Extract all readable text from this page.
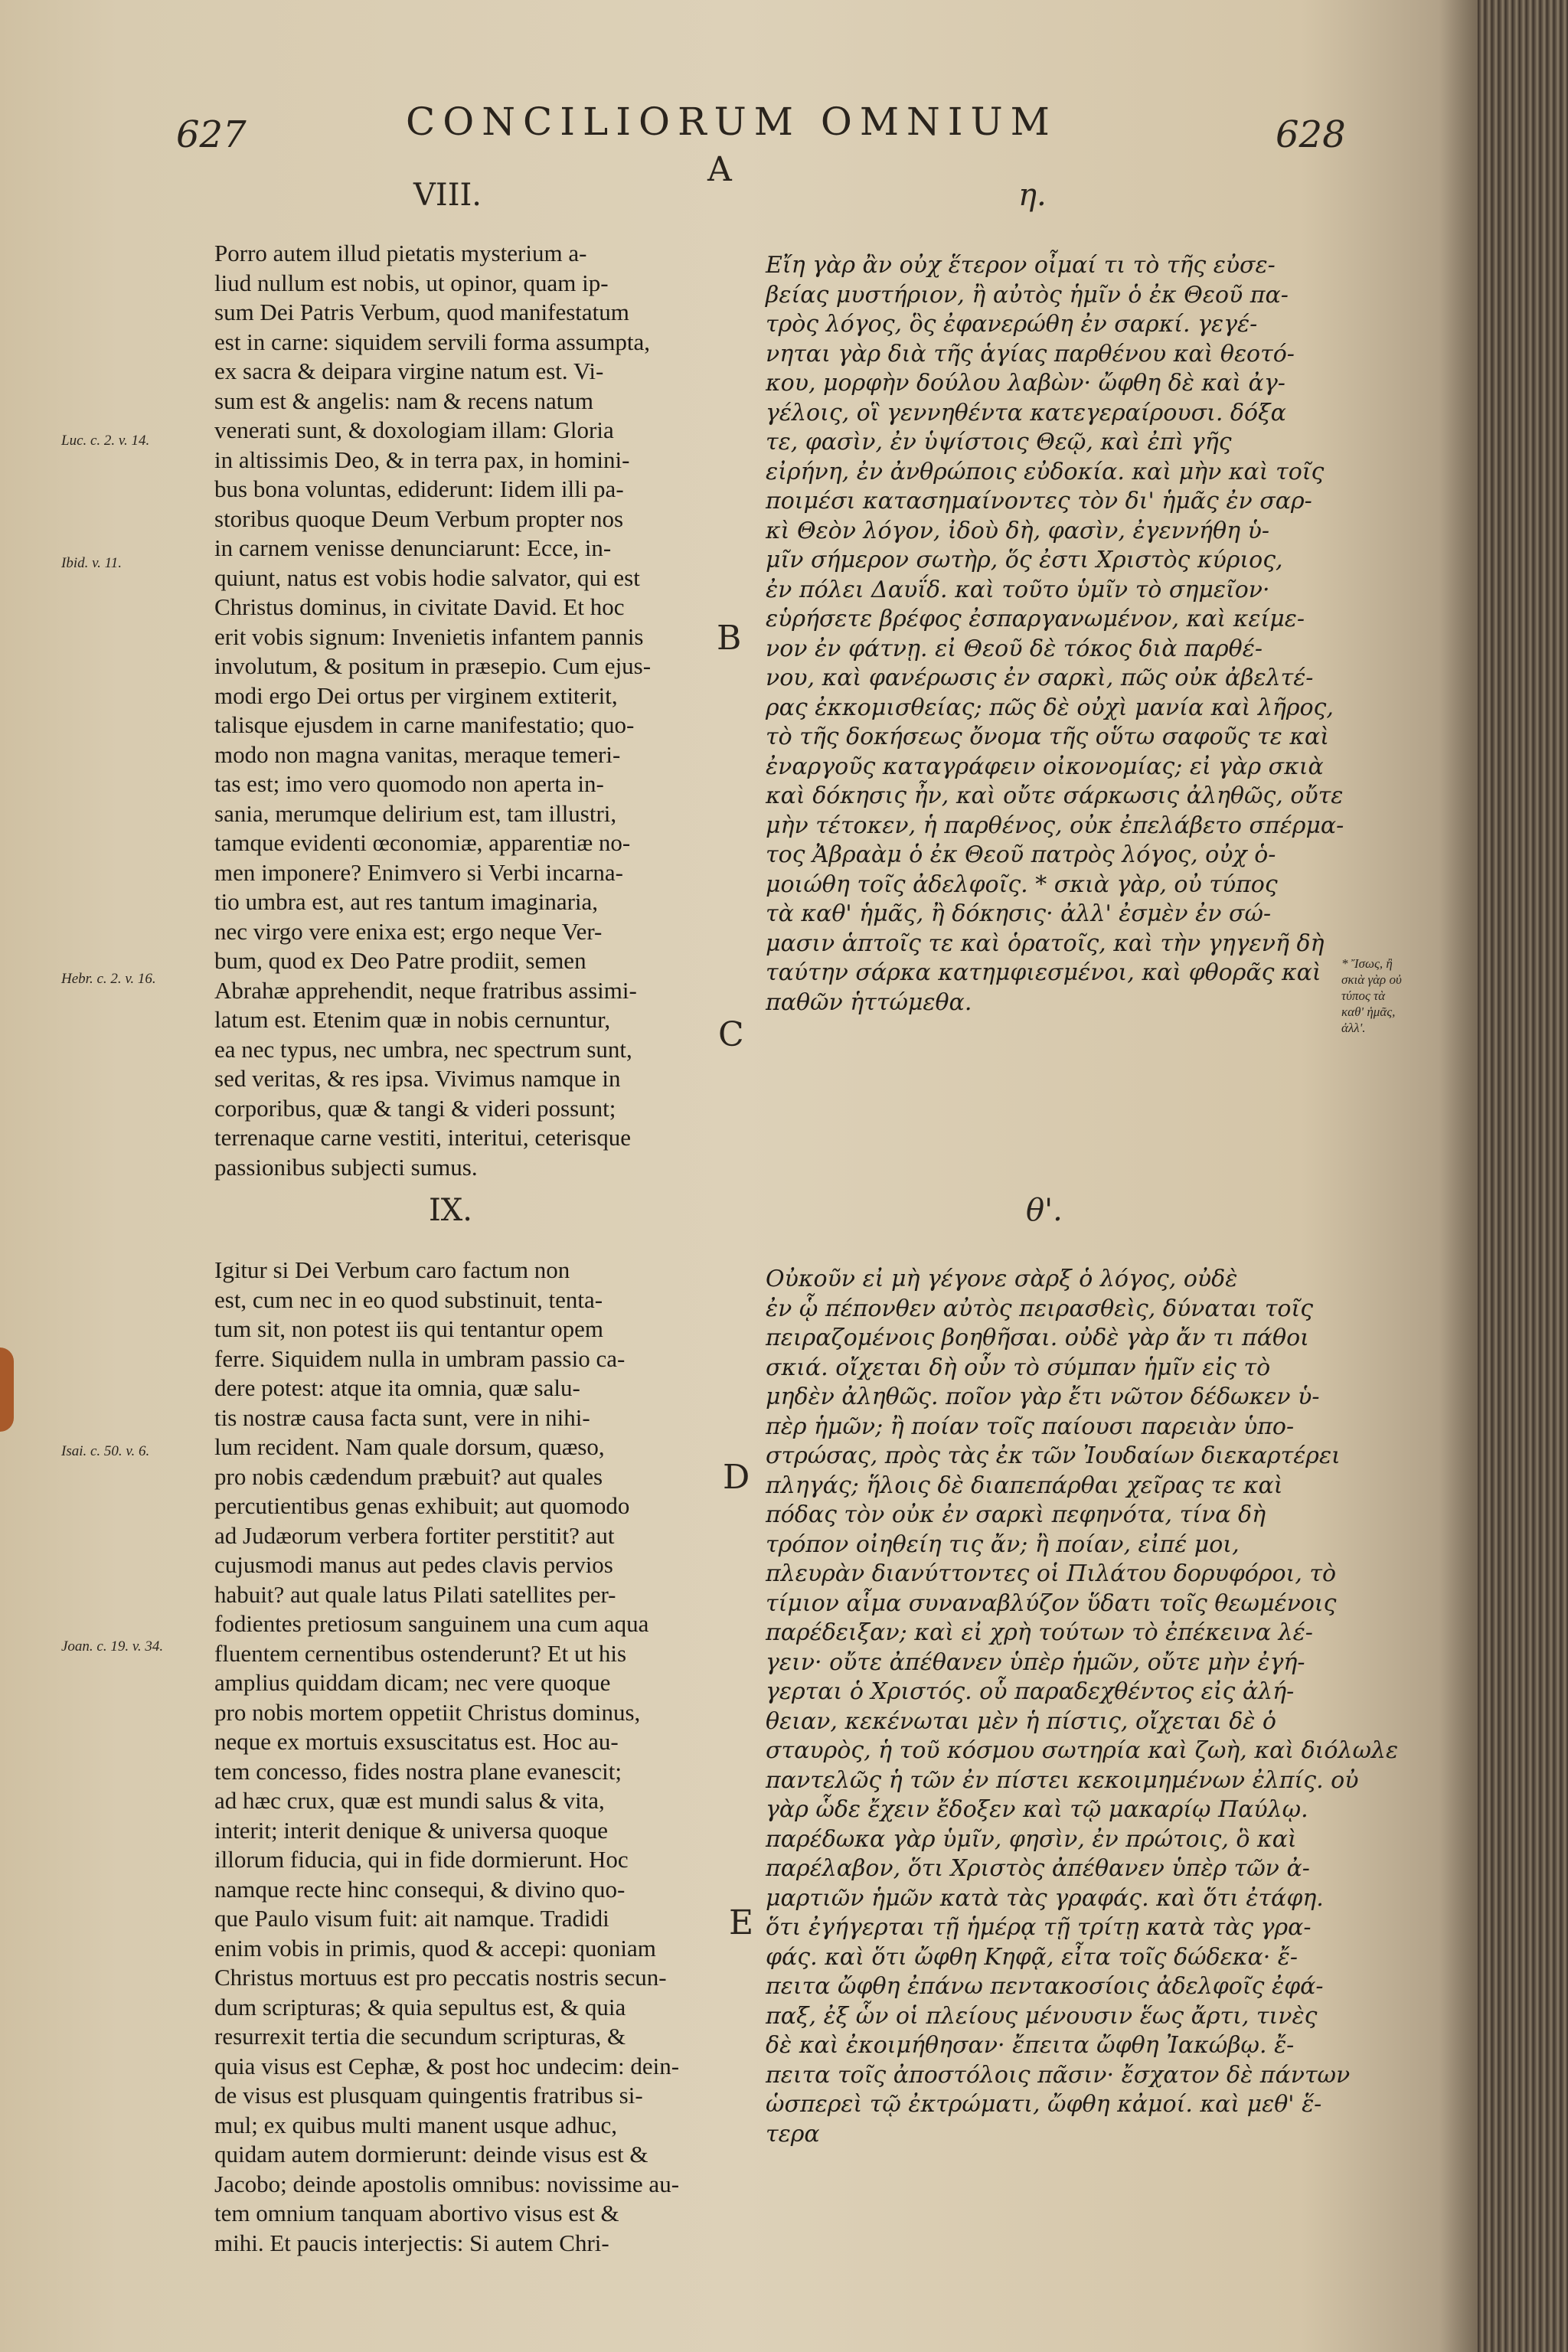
627	CONCILIORUM OMNIUM	628
A
VIII.	η.
Porro autem illud pietatis mysterium a-
liud nullum est nobis, ut opinor, quam ip-
sum Dei Patris Verbum, quod manifestatum
est in carne: siquidem servili forma assumpta,
ex sacra & deipara virgine natum est. Vi-
sum est & angelis: nam & recens natum
venerati sunt, & doxologiam illam: Gloria
in altissimis Deo, & in terra pax, in homini-
bus bona voluntas, ediderunt: Iidem illi pa-
storibus quoque Deum Verbum propter nos
in carnem venisse denunciarunt: Ecce, in-
quiunt, natus est vobis hodie salvator, qui est
Christus dominus, in civitate David. Et hoc
erit vobis signum: Invenietis infantem pannis
involutum, & positum in præsepio. Cum ejus-
modi ergo Dei ortus per virginem extiterit,
talisque ejusdem in carne manifestatio; quo-
modo non magna vanitas, meraque temeri-
tas est; imo vero quomodo non aperta in-
sania, merumque delirium est, tam illustri,
tamque evidenti œconomiæ, apparentiæ no-
men imponere? Enimvero si Verbi incarna-
tio umbra est, aut res tantum imaginaria,
nec virgo vere enixa est; ergo neque Ver-
bum, quod ex Deo Patre prodiit, semen
Abrahæ apprehendit, neque fratribus assimi-
latum est. Etenim quæ in nobis cernuntur,
ea nec typus, nec umbra, nec spectrum sunt,
sed veritas, & res ipsa. Vivimus namque in
corporibus, quæ & tangi & videri possunt;
terrenaque carne vestiti, interitui, ceterisque
passionibus subjecti sumus.
Εἴη γὰρ ἂν οὐχ ἕτερον οἶμαί τι τὸ τῆς εὐσε-
βείας μυστήριον, ἢ αὐτὸς ἡμῖν ὁ ἐκ Θεοῦ πα-
τρὸς λόγος, ὃς ἐφανερώθη ἐν σαρκί. γεγέ-
νηται γὰρ διὰ τῆς ἁγίας παρθένου καὶ θεοτό-
κου, μορφὴν δούλου λαβὼν· ὤφθη δὲ καὶ ἀγ-
γέλοις, οἳ γεννηθέντα κατεγεραίρουσι. δόξα
τε, φασὶν, ἐν ὑψίστοις Θεῷ, καὶ ἐπὶ γῆς
εἰρήνη, ἐν ἀνθρώποις εὐδοκία. καὶ μὴν καὶ τοῖς
ποιμέσι κατασημαίνοντες τὸν δι' ἡμᾶς ἐν σαρ-
κὶ Θεὸν λόγον, ἰδοὺ δὴ, φασὶν, ἐγεννήθη ὑ-
μῖν σήμερον σωτὴρ, ὅς ἐστι Χριστὸς κύριος,
ἐν πόλει Δαυΐδ. καὶ τοῦτο ὑμῖν τὸ σημεῖον·
εὑρήσετε βρέφος ἐσπαργανωμένον, καὶ κείμε-
νον ἐν φάτνῃ. εἰ Θεοῦ δὲ τόκος διὰ παρθέ-
νου, καὶ φανέρωσις ἐν σαρκὶ, πῶς οὐκ ἀβελτέ-
ρας ἐκκομισθείας; πῶς δὲ οὐχὶ μανία καὶ λῆρος,
τὸ τῆς δοκήσεως ὄνομα τῆς οὕτω σαφοῦς τε καὶ
ἐναργοῦς καταγράφειν οἰκονομίας; εἰ γὰρ σκιὰ
καὶ δόκησις ἦν, καὶ οὔτε σάρκωσις ἀληθῶς, οὔτε
μὴν τέτοκεν, ἡ παρθένος, οὐκ ἐπελάβετο σπέρμα-
τος Ἀβραὰμ ὁ ἐκ Θεοῦ πατρὸς λόγος, οὐχ ὁ-
μοιώθη τοῖς ἀδελφοῖς. * σκιὰ γὰρ, οὐ τύπος
τὰ καθ' ἡμᾶς, ἢ δόκησις· ἀλλ' ἐσμὲν ἐν σώ-
μασιν ἁπτοῖς τε καὶ ὁρατοῖς, καὶ τὴν γηγενῆ δὴ
ταύτην σάρκα κατημφιεσμένοι, καὶ φθορᾶς καὶ
παθῶν ἡττώμεθα.
B
C
IX.	θ'.
Igitur si Dei Verbum caro factum non
est, cum nec in eo quod substinuit, tenta-
tum sit, non potest iis qui tentantur opem
ferre. Siquidem nulla in umbram passio ca-
dere potest: atque ita omnia, quæ salu-
tis nostræ causa facta sunt, vere in nihi-
lum recident. Nam quale dorsum, quæso,
pro nobis cædendum præbuit? aut quales
percutientibus genas exhibuit; aut quomodo
ad Judæorum verbera fortiter perstitit? aut
cujusmodi manus aut pedes clavis pervios
habuit? aut quale latus Pilati satellites per-
fodientes pretiosum sanguinem una cum aqua
fluentem cernentibus ostenderunt? Et ut his
amplius quiddam dicam; nec vere quoque
pro nobis mortem oppetiit Christus dominus,
neque ex mortuis exsuscitatus est. Hoc au-
tem concesso, fides nostra plane evanescit;
ad hæc crux, quæ est mundi salus & vita,
interit; interit denique & universa quoque
illorum fiducia, qui in fide dormierunt. Hoc
namque recte hinc consequi, & divino quo-
que Paulo visum fuit: ait namque. Tradidi
enim vobis in primis, quod & accepi: quoniam
Christus mortuus est pro peccatis nostris secun-
dum scripturas; & quia sepultus est, & quia
resurrexit tertia die secundum scripturas, &
quia visus est Cephæ, & post hoc undecim: dein-
de visus est plusquam quingentis fratribus si-
mul; ex quibus multi manent usque adhuc,
quidam autem dormierunt: deinde visus est &
Jacobo; deinde apostolis omnibus: novissime au-
tem omnium tanquam abortivo visus est &
mihi. Et paucis interjectis: Si autem Chri-
Οὐκοῦν εἰ μὴ γέγονε σὰρξ ὁ λόγος, οὐδὲ
ἐν ᾧ πέπονθεν αὐτὸς πειρασθεὶς, δύναται τοῖς
πειραζομένοις βοηθῆσαι. οὐδὲ γὰρ ἄν τι πάθοι
σκιά. οἴχεται δὴ οὖν τὸ σύμπαν ἡμῖν εἰς τὸ
μηδὲν ἀληθῶς. ποῖον γὰρ ἔτι νῶτον δέδωκεν ὑ-
πὲρ ἡμῶν; ἢ ποίαν τοῖς παίουσι παρειὰν ὑπο-
στρώσας, πρὸς τὰς ἐκ τῶν Ἰουδαίων διεκαρτέρει
πληγάς; ἥλοις δὲ διαπεπάρθαι χεῖρας τε καὶ
πόδας τὸν οὐκ ἐν σαρκὶ πεφηνότα, τίνα δὴ
τρόπον οἰηθείη τις ἄν; ἢ ποίαν, εἰπέ μοι,
πλευρὰν διανύττοντες οἱ Πιλάτου δορυφόροι, τὸ
τίμιον αἷμα συναναβλύζον ὕδατι τοῖς θεωμένοις
παρέδειξαν; καὶ εἰ χρὴ τούτων τὸ ἐπέκεινα λέ-
γειν· οὔτε ἀπέθανεν ὑπὲρ ἡμῶν, οὔτε μὴν ἐγή-
γερται ὁ Χριστός. οὗ παραδεχθέντος εἰς ἀλή-
θειαν, κεκένωται μὲν ἡ πίστις, οἴχεται δὲ ὁ
σταυρὸς, ἡ τοῦ κόσμου σωτηρία καὶ ζωὴ, καὶ διόλωλε
παντελῶς ἡ τῶν ἐν πίστει κεκοιμημένων ἐλπίς. οὐ
γὰρ ὧδε ἔχειν ἔδοξεν καὶ τῷ μακαρίῳ Παύλῳ.
παρέδωκα γὰρ ὑμῖν, φησὶν, ἐν πρώτοις, ὃ καὶ
παρέλαβον, ὅτι Χριστὸς ἀπέθανεν ὑπὲρ τῶν ἀ-
μαρτιῶν ἡμῶν κατὰ τὰς γραφάς. καὶ ὅτι ἐτάφη.
ὅτι ἐγήγερται τῇ ἡμέρᾳ τῇ τρίτῃ κατὰ τὰς γρα-
φάς. καὶ ὅτι ὤφθη Κηφᾷ, εἶτα τοῖς δώδεκα· ἔ-
πειτα ὤφθη ἐπάνω πεντακοσίοις ἀδελφοῖς ἐφά-
παξ, ἐξ ὧν οἱ πλείους μένουσιν ἕως ἄρτι, τινὲς
δὲ καὶ ἐκοιμήθησαν· ἔπειτα ὤφθη Ἰακώβῳ. ἔ-
πειτα τοῖς ἀποστόλοις πᾶσιν· ἔσχατον δὲ πάντων
ὡσπερεὶ τῷ ἐκτρώματι, ὤφθη κἀμοί. καὶ μεθ' ἕ-
τερα
D
E
Luc. c. 2. v. 14.
Ibid. v. 11.
Hebr. c. 2. v. 16.
Isai. c. 50. v. 6.
Joan. c. 19. v. 34.
* Ἴσως, ἢ σκιὰ γὰρ οὐ τύπος τὰ καθ' ἡμᾶς, ἀλλ'.
